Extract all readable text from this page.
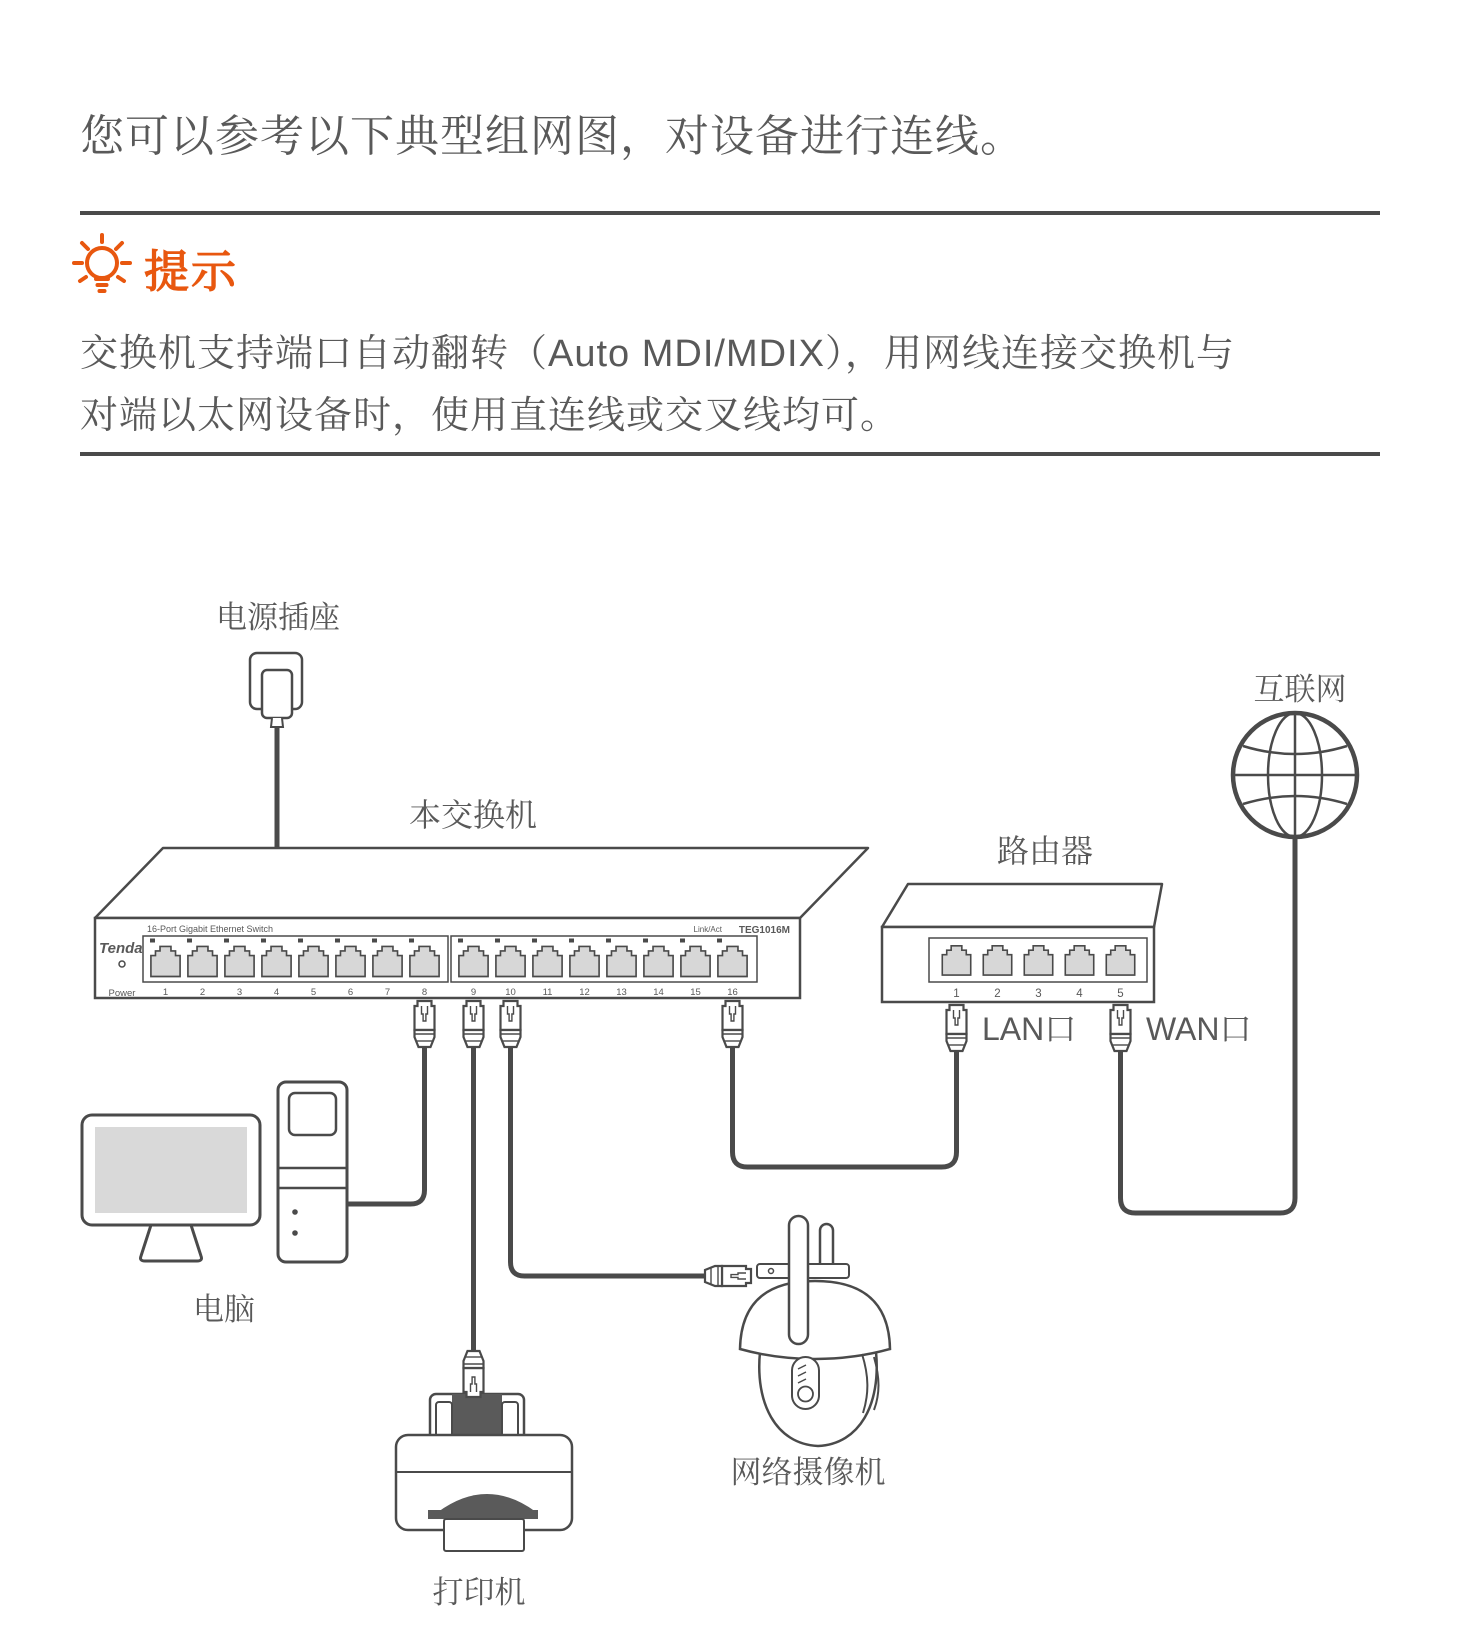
您可以参考以下典型组网图，对设备进行连线。
提示
交换机支持端口自动翻转（Auto MDI/MDIX），用网线连接交换机与
对端以太网设备时，使用直连线或交叉线均可。
电源插座
互联网
本交换机
路由器
LAN口 WAN口
电脑
打印机
网络摄像机
Tenda
16-Port Gigabit Ethernet Switch	Link/Act TEG1016M
Power	1	2	3	4	5	6	7	8	9	10	11	12	13	14	15	16	1	2	3	4	5
